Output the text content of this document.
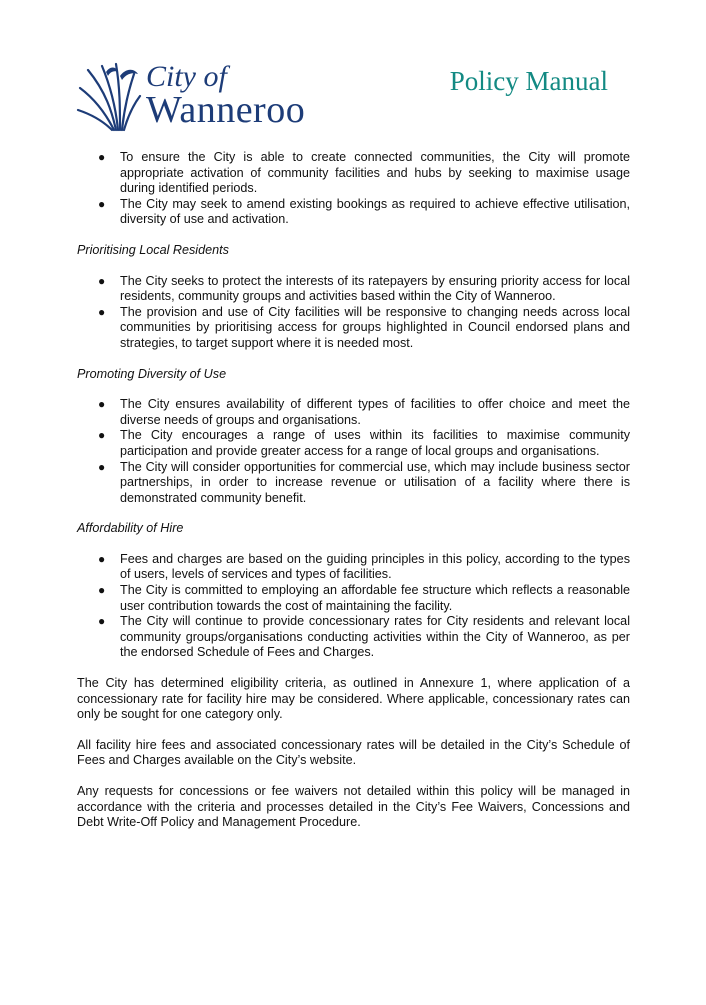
City of
Wanneroo
Policy Manual
● To ensure the City is able to create connected communities, the City will promote appropriate activation of community facilities and hubs by seeking to maximise usage during identified periods.
● The City may seek to amend existing bookings as required to achieve effective utilisation, diversity of use and activation.
Prioritising Local Residents
● The City seeks to protect the interests of its ratepayers by ensuring priority access for local residents, community groups and activities based within the City of Wanneroo.
● The provision and use of City facilities will be responsive to changing needs across local communities by prioritising access for groups highlighted in Council endorsed plans and strategies, to target support where it is needed most.
Promoting Diversity of Use
● The City ensures availability of different types of facilities to offer choice and meet the diverse needs of groups and organisations.
● The City encourages a range of uses within its facilities to maximise community participation and provide greater access for a range of local groups and organisations.
● The City will consider opportunities for commercial use, which may include business sector partnerships, in order to increase revenue or utilisation of a facility where there is demonstrated community benefit.
Affordability of Hire
● Fees and charges are based on the guiding principles in this policy, according to the types of users, levels of services and types of facilities.
● The City is committed to employing an affordable fee structure which reflects a reasonable user contribution towards the cost of maintaining the facility.
● The City will continue to provide concessionary rates for City residents and relevant local community groups/organisations conducting activities within the City of Wanneroo, as per the endorsed Schedule of Fees and Charges.

The City has determined eligibility criteria, as outlined in Annexure 1, where application of a concessionary rate for facility hire may be considered. Where applicable, concessionary rates can only be sought for one category only.

All facility hire fees and associated concessionary rates will be detailed in the City’s Schedule of Fees and Charges available on the City’s website.

Any requests for concessions or fee waivers not detailed within this policy will be managed in accordance with the criteria and processes detailed in the City’s Fee Waivers, Concessions and Debt Write-Off Policy and Management Procedure.
